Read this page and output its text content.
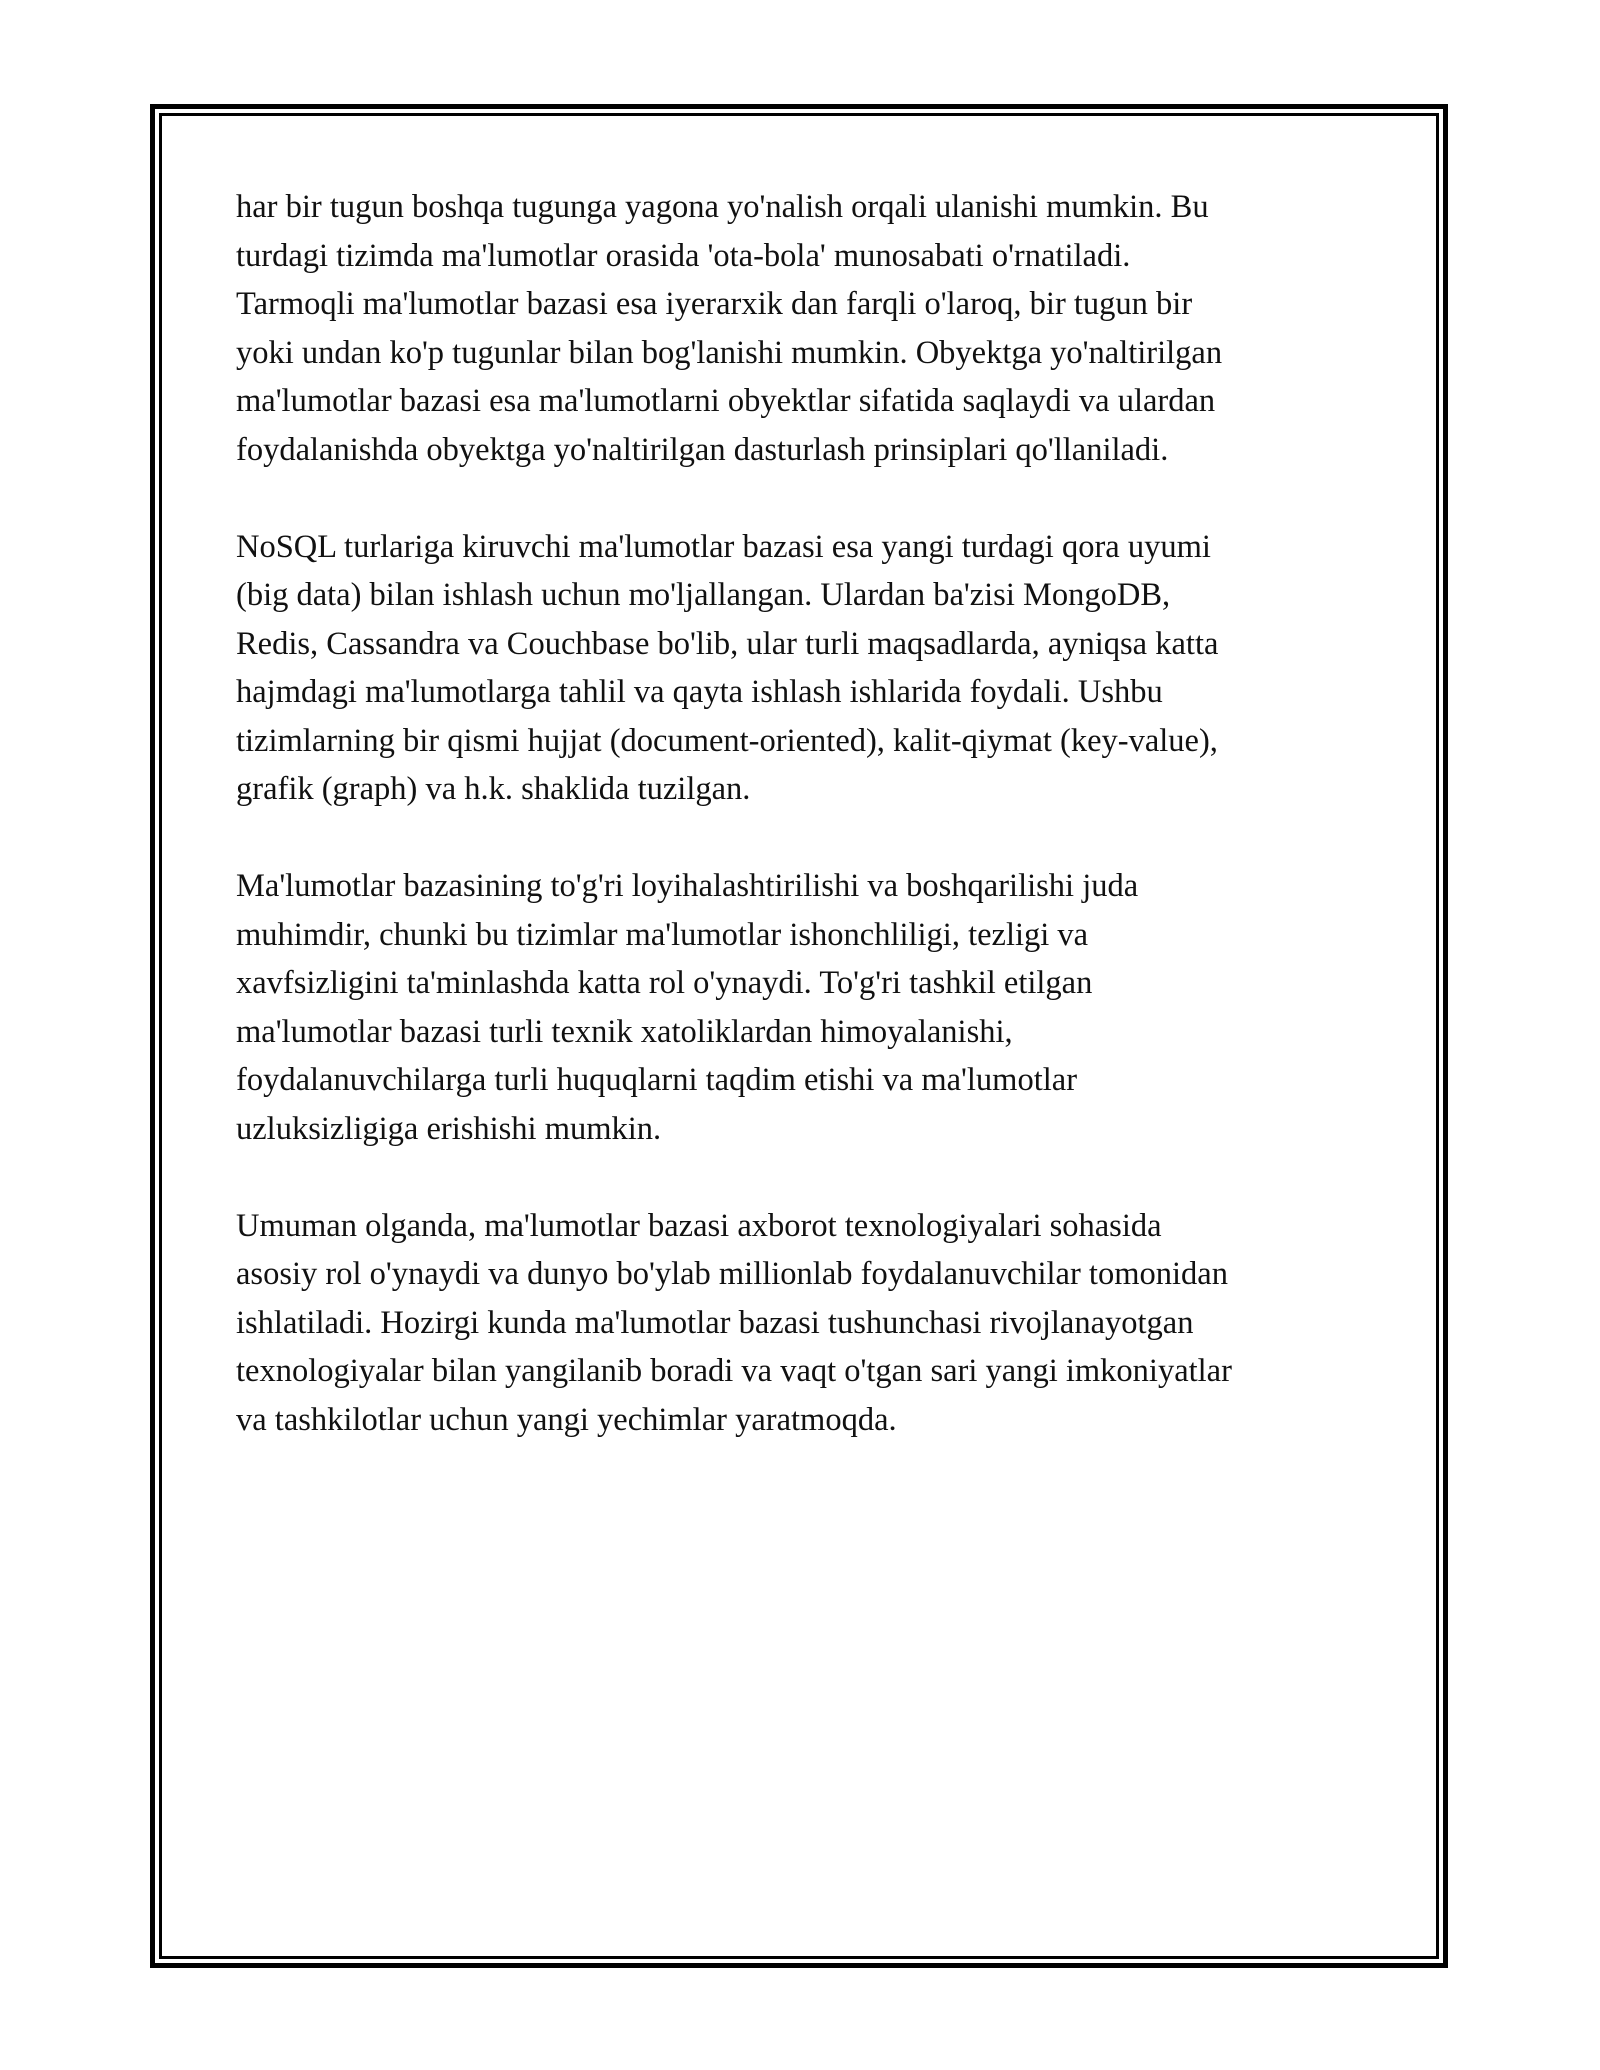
har bir tugun boshqa tugunga yagona yo'nalish orqali ulanishi mumkin. Bu
turdagi tizimda ma'lumotlar orasida 'ota-bola' munosabati o'rnatiladi.
Tarmoqli ma'lumotlar bazasi esa iyerarxik dan farqli o'laroq, bir tugun bir
yoki undan ko'p tugunlar bilan bog'lanishi mumkin. Obyektga yo'naltirilgan
ma'lumotlar bazasi esa ma'lumotlarni obyektlar sifatida saqlaydi va ulardan
foydalanishda obyektga yo'naltirilgan dasturlash prinsiplari qo'llaniladi.

NoSQL turlariga kiruvchi ma'lumotlar bazasi esa yangi turdagi qora uyumi
(big data) bilan ishlash uchun mo'ljallangan. Ulardan ba'zisi MongoDB,
Redis, Cassandra va Couchbase bo'lib, ular turli maqsadlarda, ayniqsa katta
hajmdagi ma'lumotlarga tahlil va qayta ishlash ishlarida foydali. Ushbu
tizimlarning bir qismi hujjat (document-oriented), kalit-qiymat (key-value),
grafik (graph) va h.k. shaklida tuzilgan.

Ma'lumotlar bazasining to'g'ri loyihalashtirilishi va boshqarilishi juda
muhimdir, chunki bu tizimlar ma'lumotlar ishonchliligi, tezligi va
xavfsizligini ta'minlashda katta rol o'ynaydi. To'g'ri tashkil etilgan
ma'lumotlar bazasi turli texnik xatoliklardan himoyalanishi,
foydalanuvchilarga turli huquqlarni taqdim etishi va ma'lumotlar
uzluksizligiga erishishi mumkin.

Umuman olganda, ma'lumotlar bazasi axborot texnologiyalari sohasida
asosiy rol o'ynaydi va dunyo bo'ylab millionlab foydalanuvchilar tomonidan
ishlatiladi. Hozirgi kunda ma'lumotlar bazasi tushunchasi rivojlanayotgan
texnologiyalar bilan yangilanib boradi va vaqt o'tgan sari yangi imkoniyatlar
va tashkilotlar uchun yangi yechimlar yaratmoqda.
